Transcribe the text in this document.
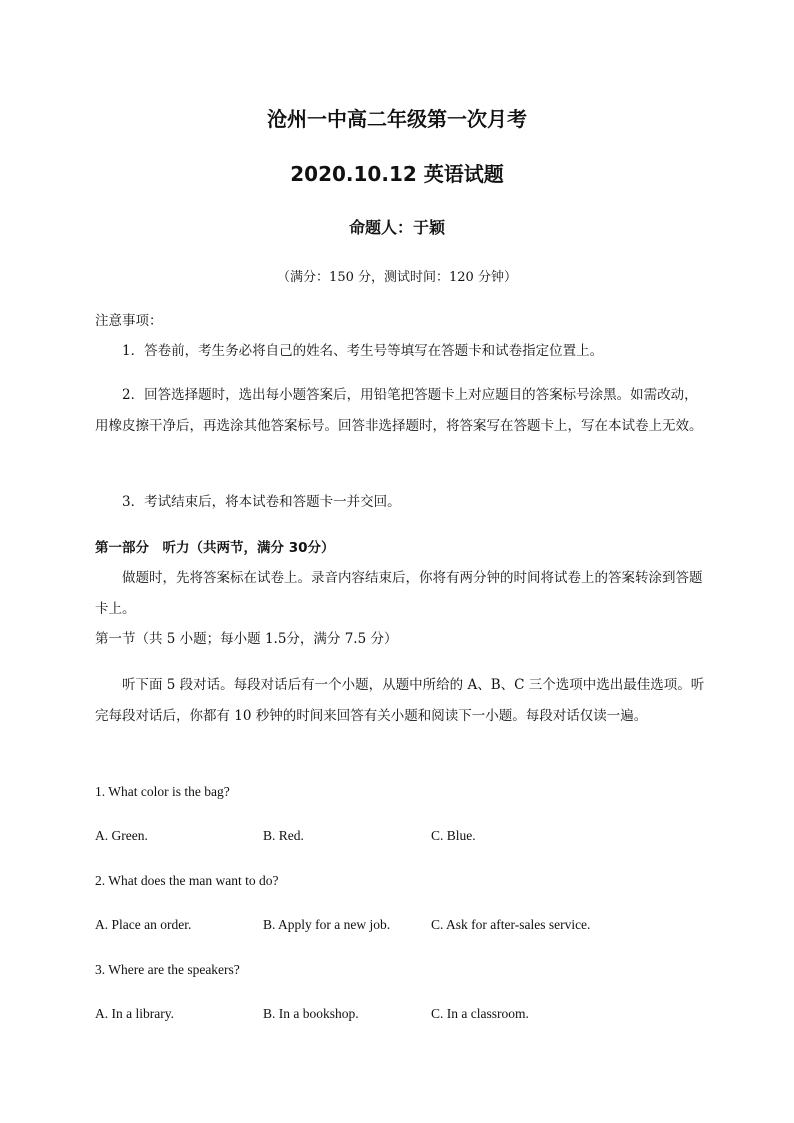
沧州一中高二年级第一次月考
2020.10.12 英语试题
命题人：于颖
（满分：150 分，测试时间：120 分钟）
注意事项：
1．答卷前，考生务必将自己的姓名、考生号等填写在答题卡和试卷指定位置上。
2．回答选择题时，选出每小题答案后，用铅笔把答题卡上对应题目的答案标号涂黑。如需改动，用橡皮擦干净后，再选涂其他答案标号。回答非选择题时，将答案写在答题卡上，写在本试卷上无效。
3．考试结束后，将本试卷和答题卡一并交回。
第一部分　听力（共两节，满分 30分）
做题时，先将答案标在试卷上。录音内容结束后，你将有两分钟的时间将试卷上的答案转涂到答题卡上。
第一节（共 5 小题；每小题 1.5分，满分 7.5 分）
听下面 5 段对话。每段对话后有一个小题，从题中所给的 A、B、C 三个选项中选出最佳选项。听完每段对话后，你都有 10 秒钟的时间来回答有关小题和阅读下一小题。每段对话仅读一遍。
1. What color is the bag?
A. Green.	B. Red.	C. Blue.
2. What does the man want to do?
A. Place an order.	B. Apply for a new job.	C. Ask for after-sales service.
3. Where are the speakers?
A. In a library.	B. In a bookshop.	C. In a classroom.
